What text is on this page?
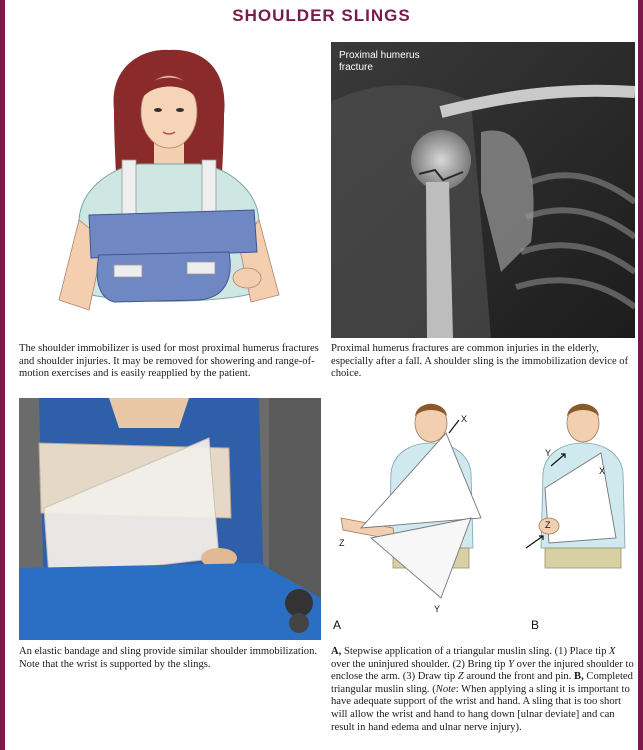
SHOULDER SLINGS
The shoulder immobilizer is used for most proximal humerus fractures and shoulder injuries. It may be removed for showering and range-of-motion exercises and is easily reapplied by the patient.
Proximal humerus
fracture
Proximal humerus fractures are common injuries in the elderly, especially after a fall. A shoulder sling is the immobilization device of choice.
An elastic bandage and sling provide similar shoulder immobilization. Note that the wrist is supported by the slings.
X
Z
Y
Y
X
Z
A	B
A, Stepwise application of a triangular muslin sling. (1) Place tip X over the uninjured shoulder. (2) Bring tip Y over the injured shoulder to enclose the arm. (3) Draw tip Z around the front and pin. B, Completed triangular muslin sling. (Note: When applying a sling it is important to have adequate support of the wrist and hand. A sling that is too short will allow the wrist and hand to hang down [ulnar deviate] and can result in hand edema and ulnar nerve injury).
